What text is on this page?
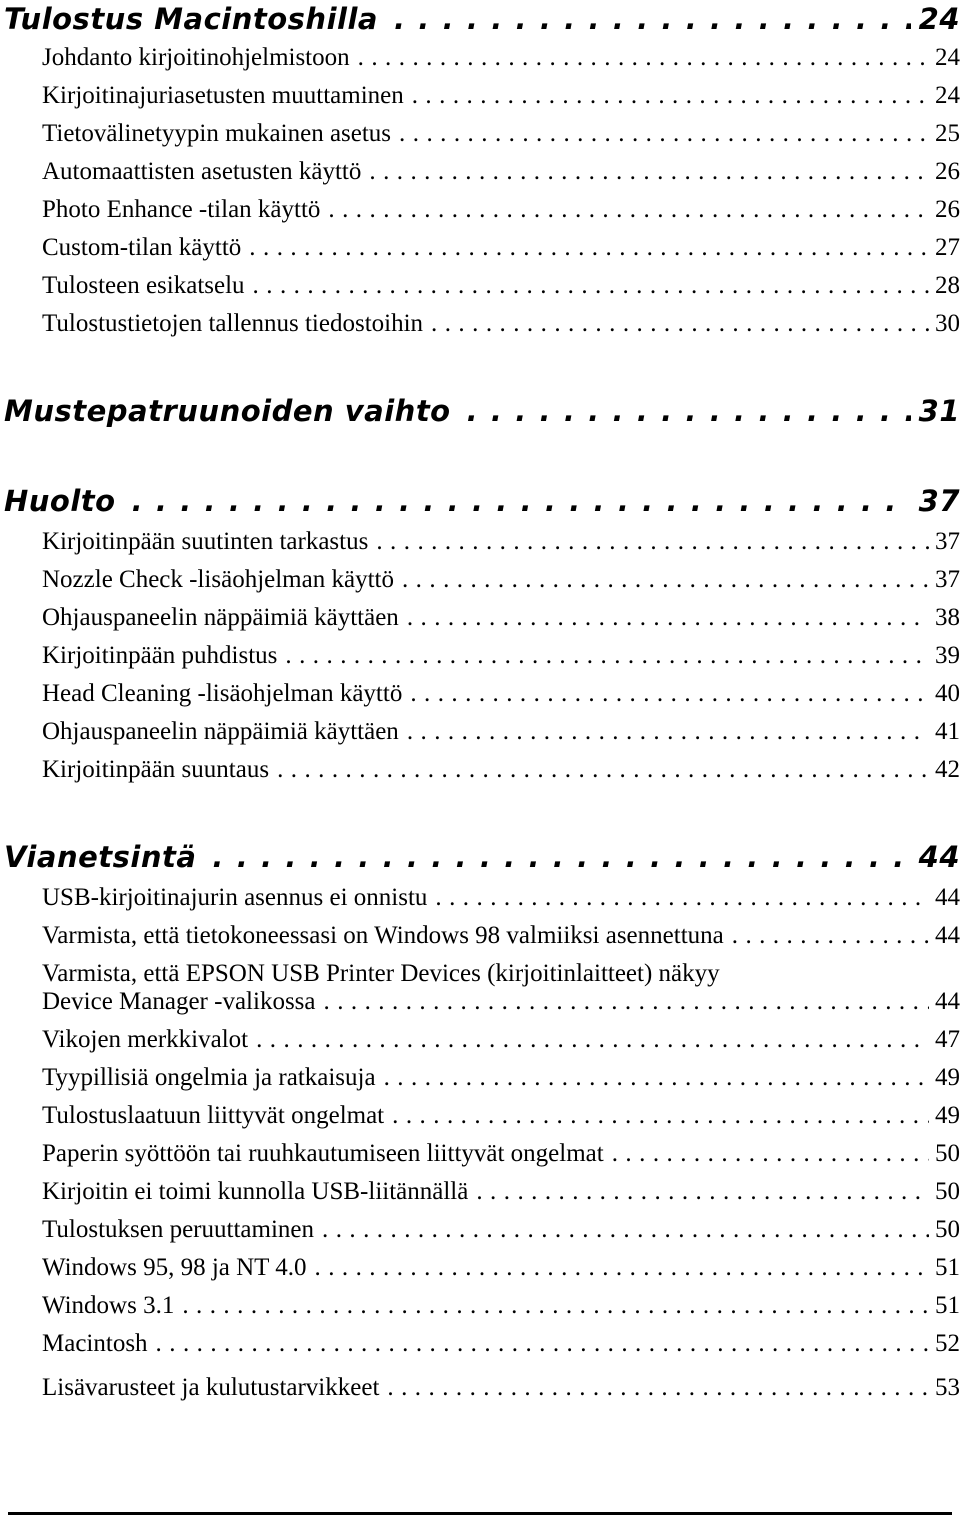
Tulostus Macintoshilla . . .	24
Johdanto kirjoitinohjelmistoon . . .	24
Kirjoitinajuriasetusten muuttaminen . . .	24
Tietovälinetyypin mukainen asetus . . .	25
Automaattisten asetusten käyttö . . .	26
Photo Enhance -tilan käyttö . . .	26
Custom-tilan käyttö . . .	27
Tulosteen esikatselu . . .	28
Tulostustietojen tallennus tiedostoihin . . .	30
Mustepatruunoiden vaihto . . .	31
Huolto . . .	37
Kirjoitinpään suutinten tarkastus . . .	37
Nozzle Check -lisäohjelman käyttö . . .	37
Ohjauspaneelin näppäimiä käyttäen . . .	38
Kirjoitinpään puhdistus . . .	39
Head Cleaning -lisäohjelman käyttö . . .	40
Ohjauspaneelin näppäimiä käyttäen . . .	41
Kirjoitinpään suuntaus . . .	42
Vianetsintä . . .	44
USB-kirjoitinajurin asennus ei onnistu . . .	44
Varmista, että tietokoneessasi on Windows 98 valmiiksi asennettuna . . .	44
Varmista, että EPSON USB Printer Devices (kirjoitinlaitteet) näkyy
Device Manager -valikossa . . .	44
Vikojen merkkivalot . . .	47
Tyypillisiä ongelmia ja ratkaisuja . . .	49
Tulostuslaatuun liittyvät ongelmat . . .	49
Paperin syöttöön tai ruuhkautumiseen liittyvät ongelmat . . .	50
Kirjoitin ei toimi kunnolla USB-liitännällä . . .	50
Tulostuksen peruuttaminen . . .	50
Windows 95, 98 ja NT 4.0 . . .	51
Windows 3.1 . . .	51
Macintosh . . .	52
Lisävarusteet ja kulutustarvikkeet . . .	53
